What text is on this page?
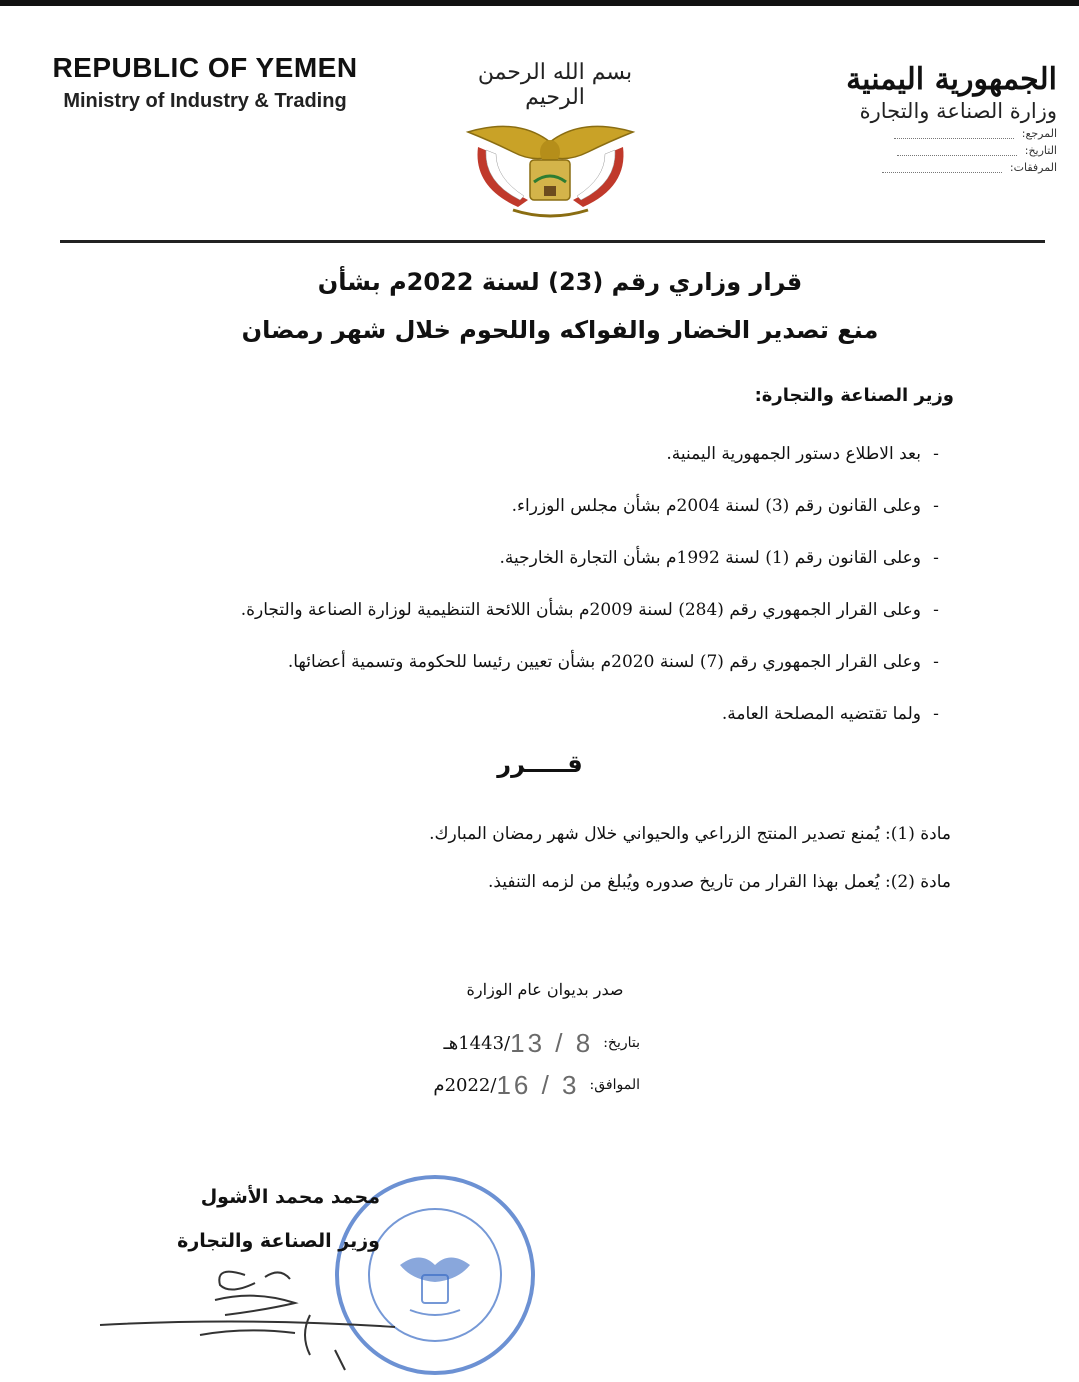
REPUBLIC OF YEMEN
Ministry of Industry & Trading
بسم الله الرحمن الرحيم
الجمهورية اليمنية
وزارة الصناعة والتجارة
المرجع:
التاريخ:
المرفقات:
قرار وزاري رقم (23) لسنة 2022م بشأن
منع تصدير الخضار والفواكه واللحوم خلال شهر رمضان
وزير الصناعة والتجارة:
-
بعد الاطلاع دستور الجمهورية اليمنية.
-
وعلى القانون رقم (3) لسنة 2004م بشأن مجلس الوزراء.
-
وعلى القانون رقم (1) لسنة 1992م بشأن التجارة الخارجية.
-
وعلى القرار الجمهوري رقم (284) لسنة 2009م بشأن اللائحة التنظيمية لوزارة الصناعة والتجارة.
-
وعلى القرار الجمهوري رقم (7) لسنة 2020م بشأن تعيين رئيسا للحكومة وتسمية أعضائها.
-
ولما تقتضيه المصلحة العامة.
قـــــرر
مادة (1): يُمنع تصدير المنتج الزراعي والحيواني خلال شهر رمضان المبارك.
مادة (2): يُعمل بهذا القرار من تاريخ صدوره ويُبلغ من لزمه التنفيذ.
صدر بديوان عام الوزارة
بتاريخ:
13 / 8
/1443هـ
الموافق:
16 / 3
/2022م
محمد محمد الأشول
وزير الصناعة والتجارة
